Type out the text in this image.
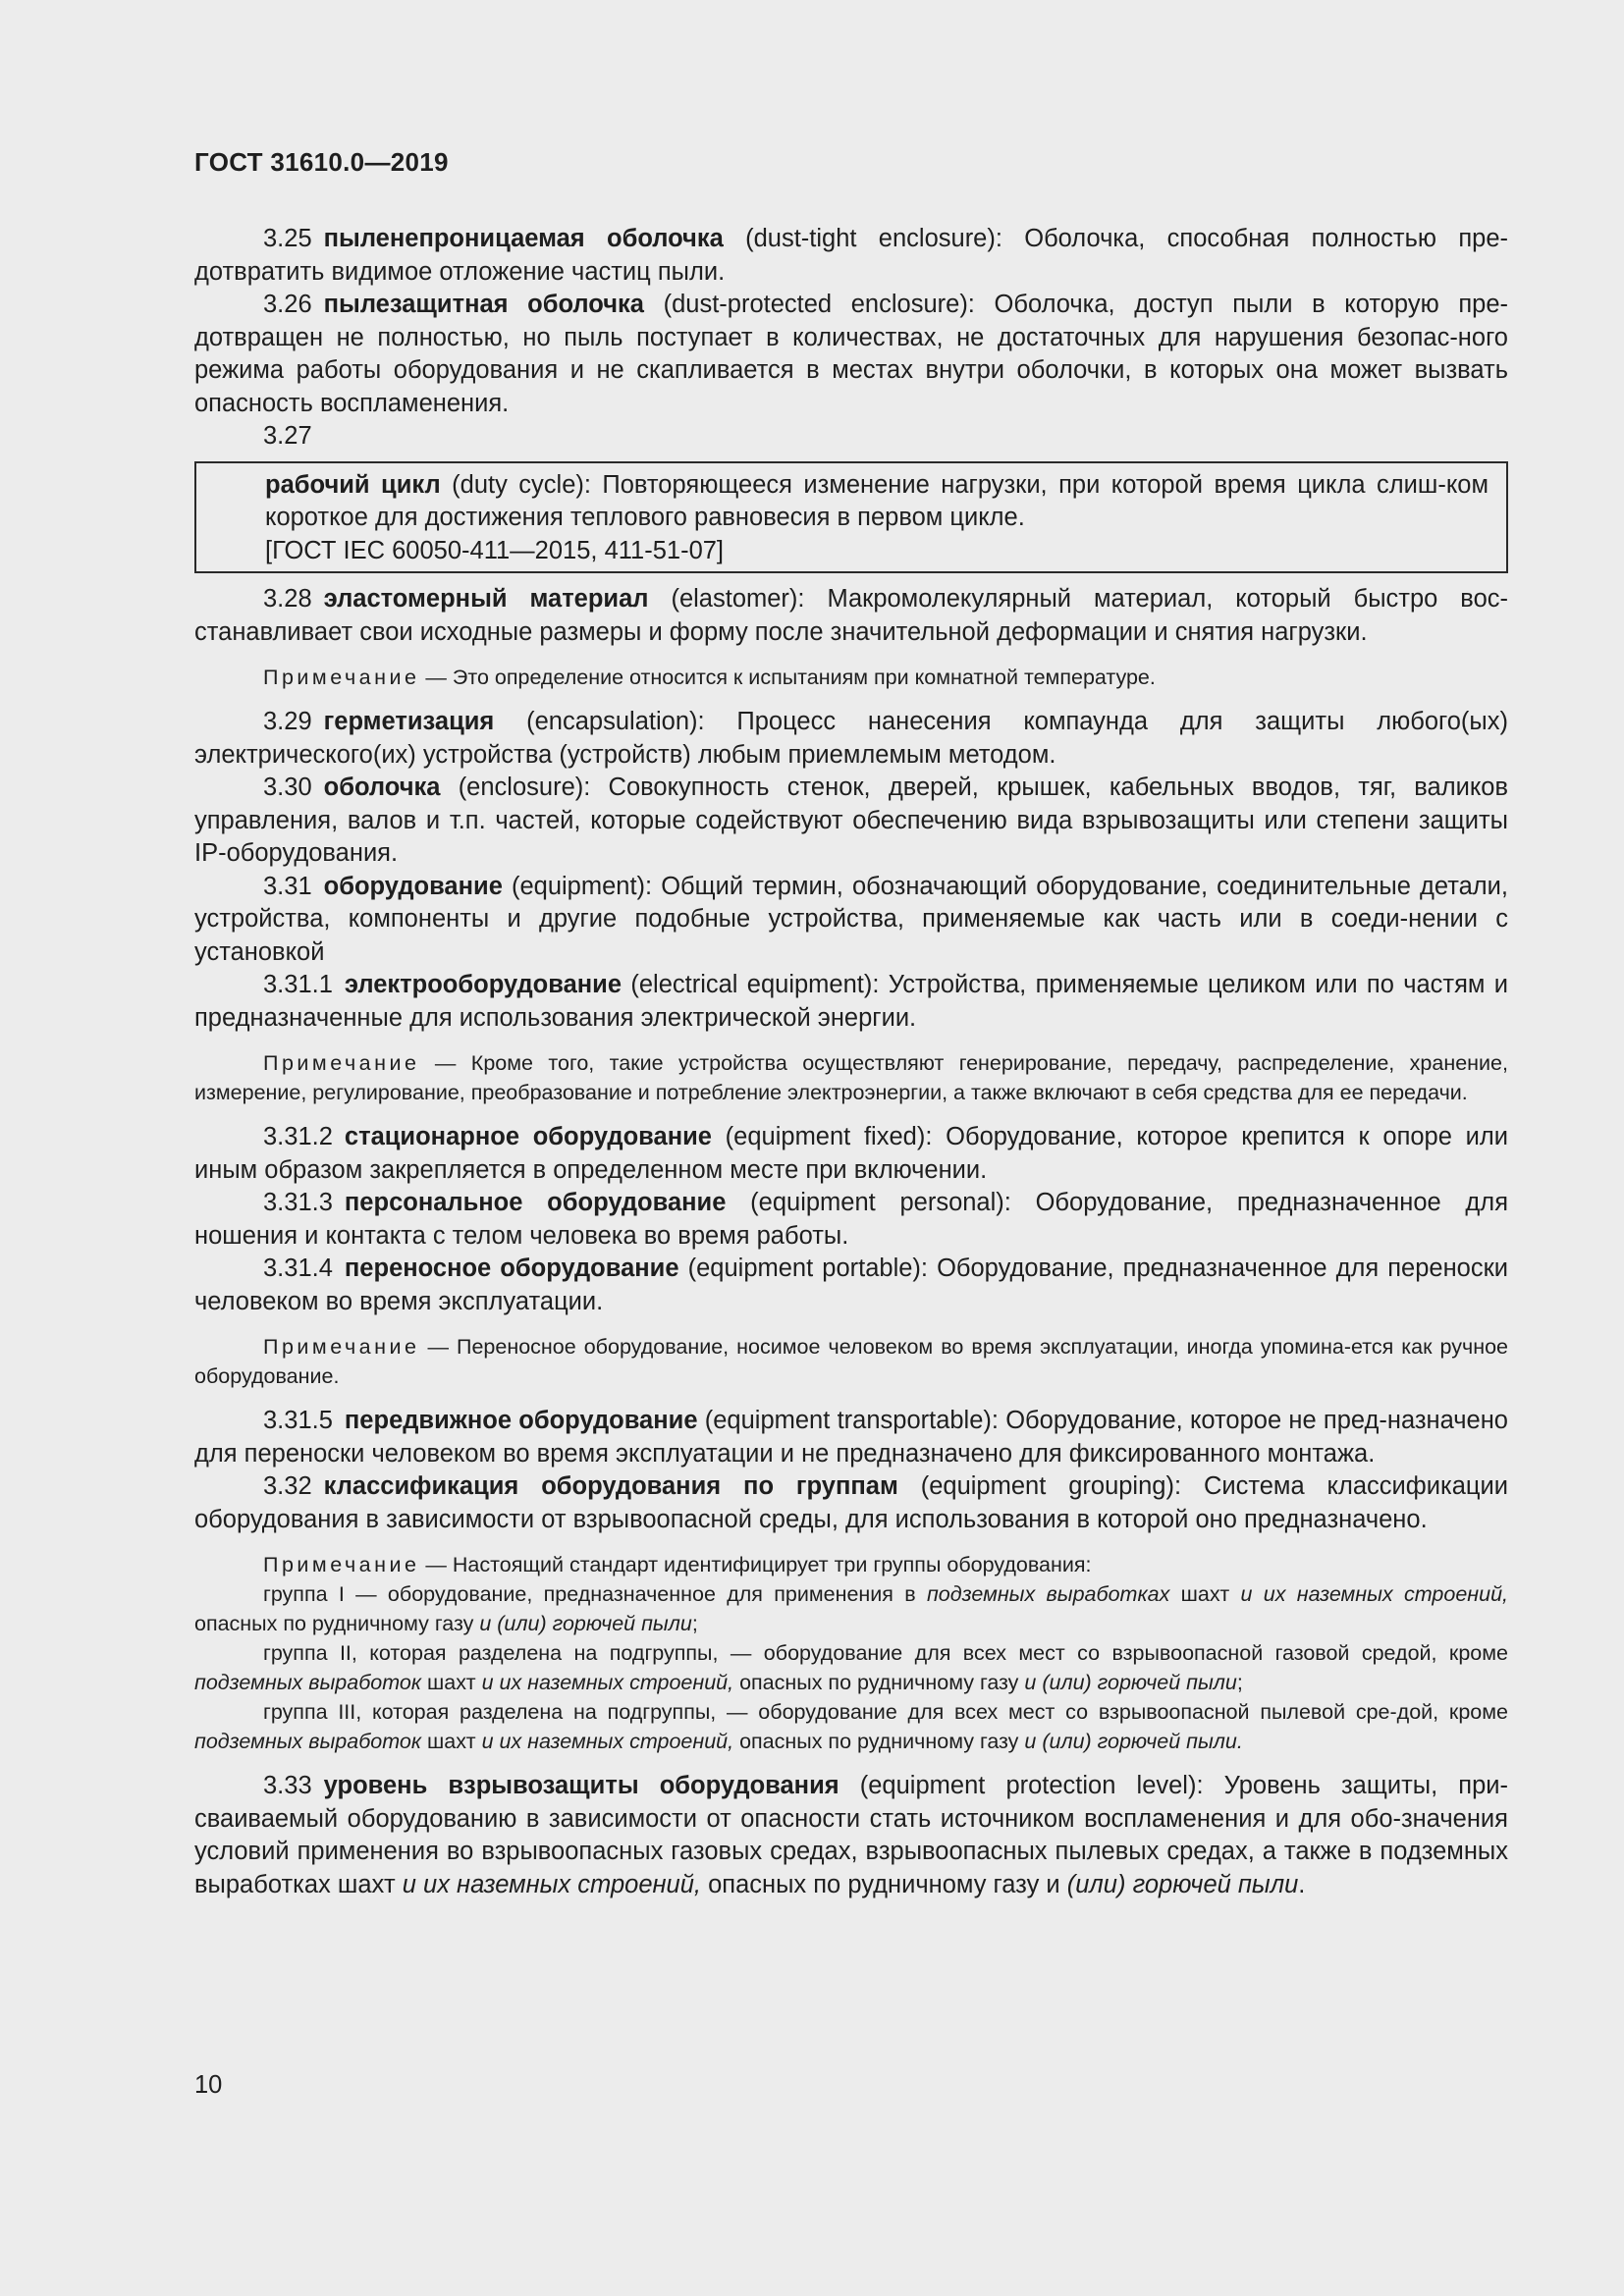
ГОСТ 31610.0—2019

3.25 пыленепроницаемая оболочка (dust-tight enclosure): Оболочка, способная полностью пре-дотвратить видимое отложение частиц пыли.

3.26 пылезащитная оболочка (dust-protected enclosure): Оболочка, доступ пыли в которую пре-дотвращен не полностью, но пыль поступает в количествах, не достаточных для нарушения безопас-ного режима работы оборудования и не скапливается в местах внутри оболочки, в которых она может вызвать опасность воспламенения.

3.27

рабочий цикл (duty cycle): Повторяющееся изменение нагрузки, при которой время цикла слиш-ком короткое для достижения теплового равновесия в первом цикле.

[ГОСТ IEC 60050-411—2015, 411-51-07]

3.28 эластомерный материал (elastomer): Макромолекулярный материал, который быстро вос-станавливает свои исходные размеры и форму после значительной деформации и снятия нагрузки.

Примечание — Это определение относится к испытаниям при комнатной температуре.

3.29 герметизация (encapsulation): Процесс нанесения компаунда для защиты любого(ых) электрического(их) устройства (устройств) любым приемлемым методом.

3.30 оболочка (enclosure): Совокупность стенок, дверей, крышек, кабельных вводов, тяг, валиков управления, валов и т.п. частей, которые содействуют обеспечению вида взрывозащиты или степени защиты IP-оборудования.

3.31 оборудование (equipment): Общий термин, обозначающий оборудование, соединительные детали, устройства, компоненты и другие подобные устройства, применяемые как часть или в соеди-нении с установкой

3.31.1 электрооборудование (electrical equipment): Устройства, применяемые целиком или по частям и предназначенные для использования электрической энергии.

Примечание — Кроме того, такие устройства осуществляют генерирование, передачу, распределение, хранение, измерение, регулирование, преобразование и потребление электроэнергии, а также включают в себя средства для ее передачи.

3.31.2 стационарное оборудование (equipment fixed): Оборудование, которое крепится к опоре или иным образом закрепляется в определенном месте при включении.

3.31.3 персональное оборудование (equipment personal): Оборудование, предназначенное для ношения и контакта с телом человека во время работы.

3.31.4 переносное оборудование (equipment portable): Оборудование, предназначенное для переноски человеком во время эксплуатации.

Примечание — Переносное оборудование, носимое человеком во время эксплуатации, иногда упомина-ется как ручное оборудование.

3.31.5 передвижное оборудование (equipment transportable): Оборудование, которое не пред-назначено для переноски человеком во время эксплуатации и не предназначено для фиксированного монтажа.

3.32 классификация оборудования по группам (equipment grouping): Система классификации оборудования в зависимости от взрывоопасной среды, для использования в которой оно предназначено.

Примечание — Настоящий стандарт идентифицирует три группы оборудования:

группа I — оборудование, предназначенное для применения в подземных выработках шахт и их наземных строений, опасных по рудничному газу и (или) горючей пыли;

группа II, которая разделена на подгруппы, — оборудование для всех мест со взрывоопасной газовой средой, кроме подземных выработок шахт и их наземных строений, опасных по рудничному газу и (или) горючей пыли;

группа III, которая разделена на подгруппы, — оборудование для всех мест со взрывоопасной пылевой сре-дой, кроме подземных выработок шахт и их наземных строений, опасных по рудничному газу и (или) горючей пыли.

3.33 уровень взрывозащиты оборудования (equipment protection level): Уровень защиты, при-сваиваемый оборудованию в зависимости от опасности стать источником воспламенения и для обо-значения условий применения во взрывоопасных газовых средах, взрывоопасных пылевых средах, а также в подземных выработках шахт и их наземных строений, опасных по рудничному газу и (или) горючей пыли.

10
